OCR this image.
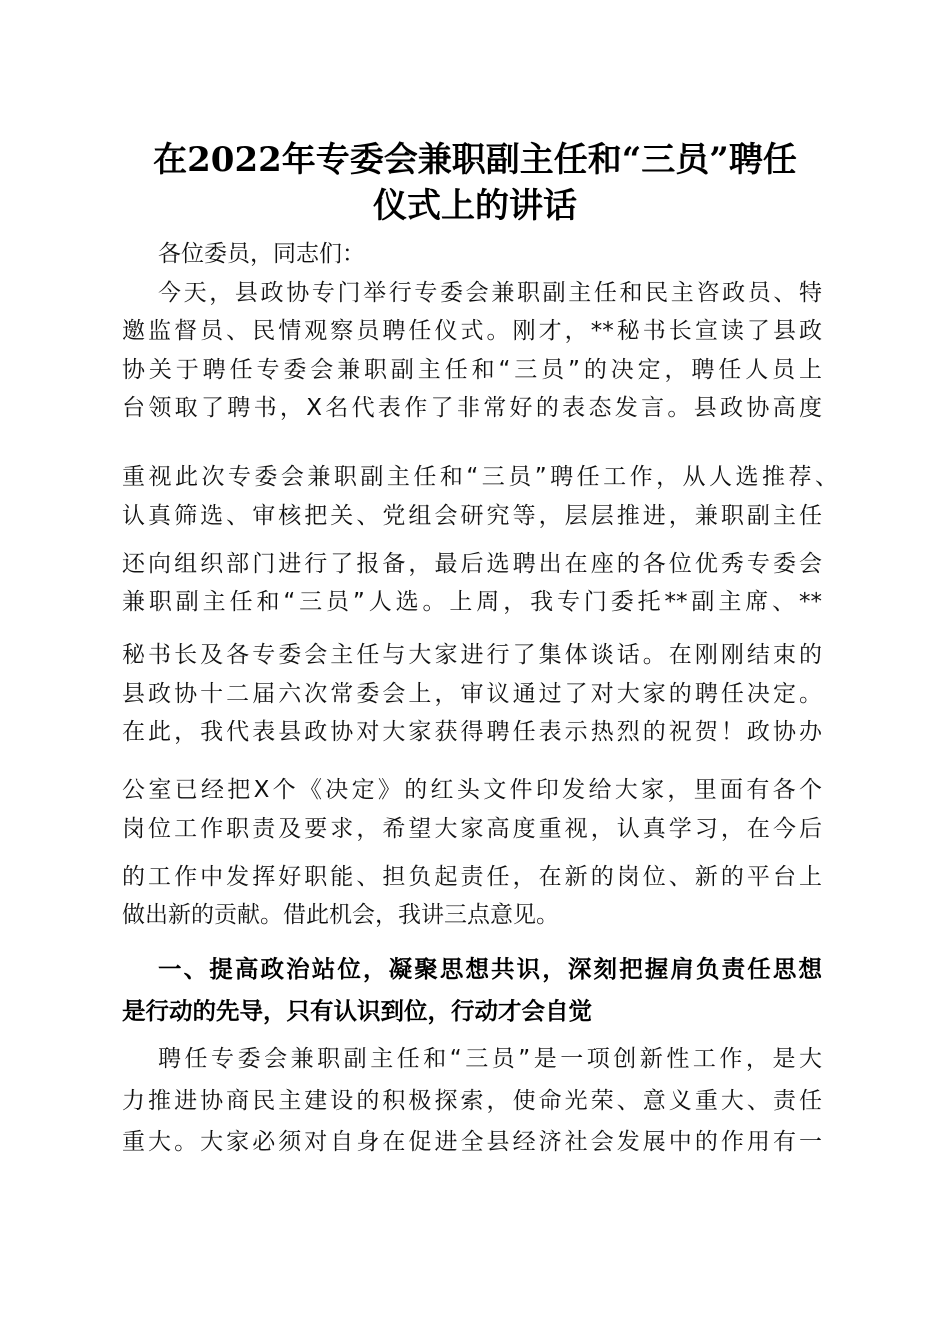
在2022年专委会兼职副主任和“三员”聘任
仪式上的讲话
各位委员，同志们：
今天，县政协专门举行专委会兼职副主任和民主咨政员、特
邀监督员、民情观察员聘任仪式。刚才，**秘书长宣读了县政
协关于聘任专委会兼职副主任和“三员”的决定，聘任人员上
台领取了聘书，X名代表作了非常好的表态发言。县政协高度
重视此次专委会兼职副主任和“三员”聘任工作，从人选推荐、
认真筛选、审核把关、党组会研究等，层层推进，兼职副主任
还向组织部门进行了报备，最后选聘出在座的各位优秀专委会
兼职副主任和“三员”人选。上周，我专门委托**副主席、**
秘书长及各专委会主任与大家进行了集体谈话。在刚刚结束的
县政协十二届六次常委会上，审议通过了对大家的聘任决定。
在此，我代表县政协对大家获得聘任表示热烈的祝贺！政协办
公室已经把X个《决定》的红头文件印发给大家，里面有各个
岗位工作职责及要求，希望大家高度重视，认真学习，在今后
的工作中发挥好职能、担负起责任，在新的岗位、新的平台上
做出新的贡献。借此机会，我讲三点意见。
一、提高政治站位，凝聚思想共识，深刻把握肩负责任思想
是行动的先导，只有认识到位，行动才会自觉
聘任专委会兼职副主任和“三员”是一项创新性工作，是大
力推进协商民主建设的积极探索，使命光荣、意义重大、责任
重大。大家必须对自身在促进全县经济社会发展中的作用有一
